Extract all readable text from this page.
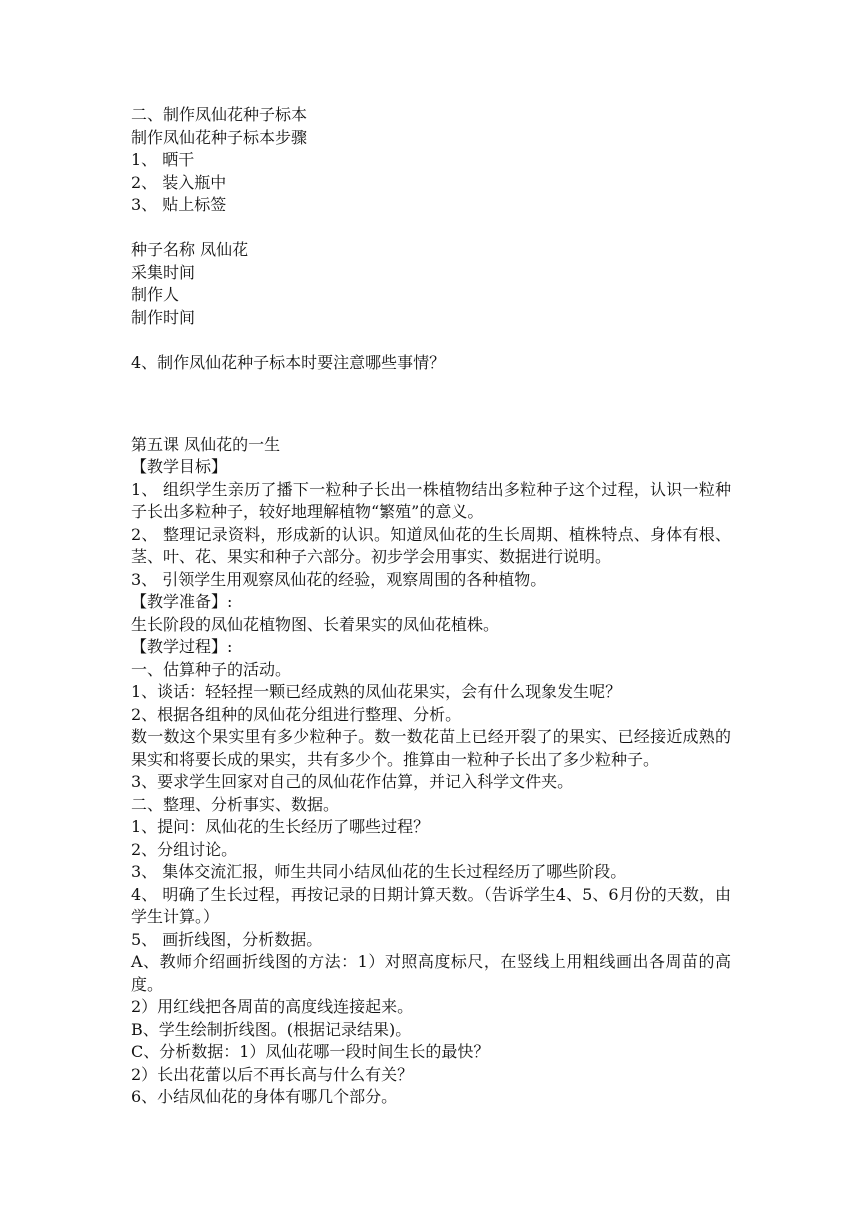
二、制作凤仙花种子标本
制作凤仙花种子标本步骤
1、 晒干
2、 装入瓶中
3、 贴上标签
种子名称 凤仙花
采集时间
制作人
制作时间
4、制作凤仙花种子标本时要注意哪些事情？
第五课 凤仙花的一生
【教学目标】
1、 组织学生亲历了播下一粒种子长出一株植物结出多粒种子这个过程，认识一粒种子长出多粒种子，较好地理解植物“繁殖”的意义。
2、 整理记录资料，形成新的认识。知道凤仙花的生长周期、植株特点、身体有根、茎、叶、花、果实和种子六部分。初步学会用事实、数据进行说明。
3、 引领学生用观察凤仙花的经验，观察周围的各种植物。
【教学准备】:
生长阶段的凤仙花植物图、长着果实的凤仙花植株。
【教学过程】:
一、估算种子的活动。
1、谈话：轻轻捏一颗已经成熟的凤仙花果实，会有什么现象发生呢？
2、根据各组种的凤仙花分组进行整理、分析。
数一数这个果实里有多少粒种子。数一数花苗上已经开裂了的果实、已经接近成熟的果实和将要长成的果实，共有多少个。推算由一粒种子长出了多少粒种子。
3、要求学生回家对自己的凤仙花作估算，并记入科学文件夹。
二、整理、分析事实、数据。
1、提问：凤仙花的生长经历了哪些过程？
2、分组讨论。
3、 集体交流汇报，师生共同小结凤仙花的生长过程经历了哪些阶段。
4、 明确了生长过程，再按记录的日期计算天数。（告诉学生4、5、6月份的天数，由学生计算。）
5、 画折线图，分析数据。
A、教师介绍画折线图的方法：1）对照高度标尺，在竖线上用粗线画出各周苗的高度。
2）用红线把各周苗的高度线连接起来。
B、学生绘制折线图。(根据记录结果)。
C、分析数据：1）凤仙花哪一段时间生长的最快？
2）长出花蕾以后不再长高与什么有关？
6、小结凤仙花的身体有哪几个部分。
